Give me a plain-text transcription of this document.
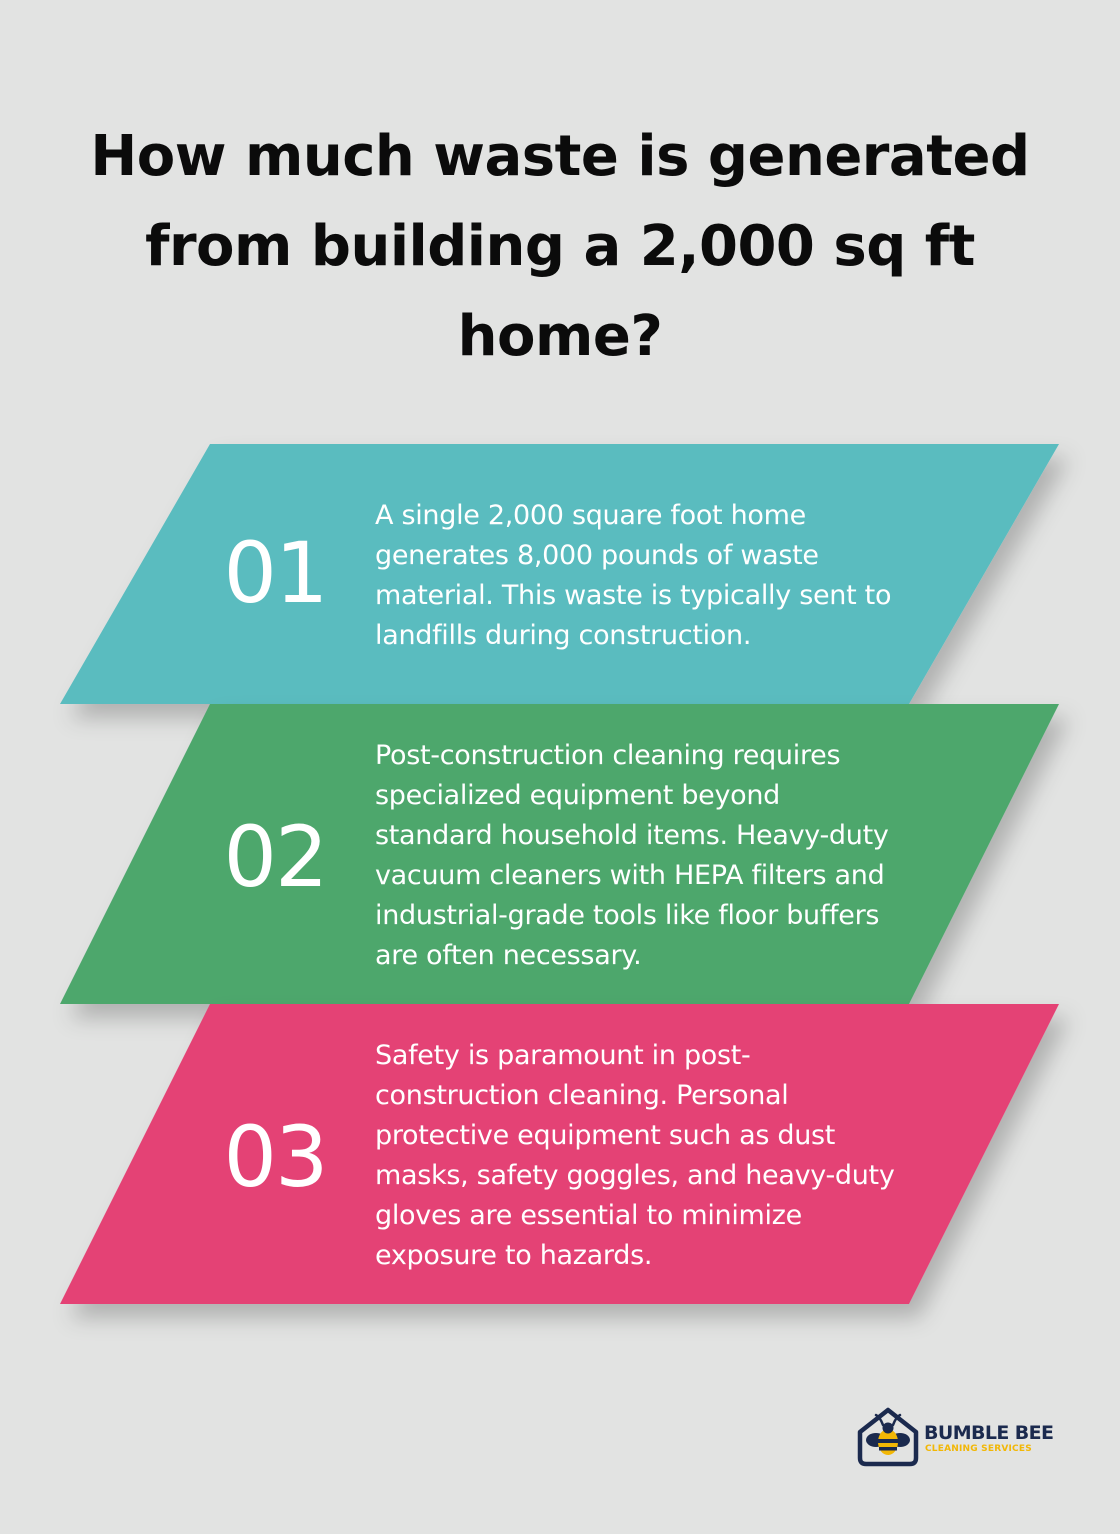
How much waste is generated from building a 2,000 sq ft home?
01

A single 2,000 square foot home generates 8,000 pounds of waste material. This waste is typically sent to landfills during construction.

02

Post-construction cleaning requires specialized equipment beyond standard household items. Heavy-duty vacuum cleaners with HEPA filters and industrial-grade tools like floor buffers are often necessary.

03

Safety is paramount in post-construction cleaning. Personal protective equipment such as dust masks, safety goggles, and heavy-duty gloves are essential to minimize exposure to hazards.

BUMBLE BEE
CLEANING SERVICES
